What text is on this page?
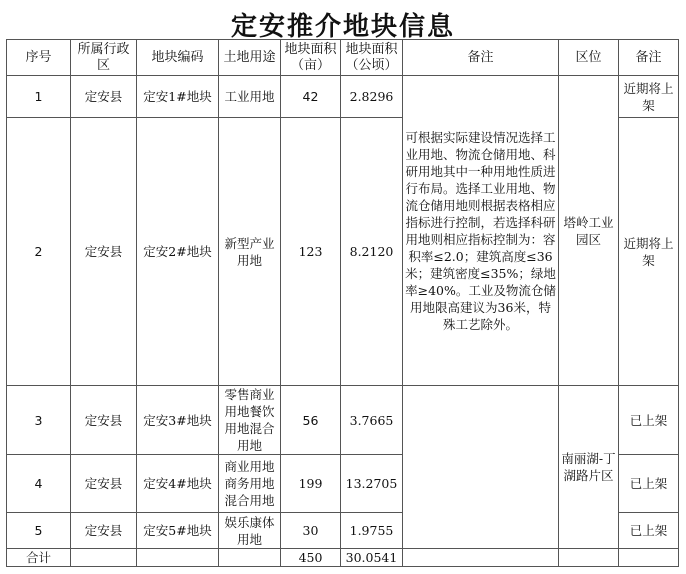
定安推介地块信息
序号	所属行政区	地块编码	土地用途	地块面积（亩）	地块面积（公顷）	备注	区位	备注
1	定安县	定安1#地块	工业用地	42	2.8296	可根据实际建设情况选择工业用地、物流仓储用地、科研用地其中一种用地性质进行布局。选择工业用地、物流仓储用地则根据表格相应指标进行控制，若选择科研用地则相应指标控制为：容积率≤2.0；建筑高度≤36米；建筑密度≤35%；绿地率≥40%。工业及物流仓储用地限高建议为36米，特殊工艺除外。	塔岭工业园区	近期将上架
2	定安县	定安2#地块	新型产业用地	123	8.2120			近期将上架
3	定安县	定安3#地块	零售商业用地餐饮用地混合用地	56	3.7665		南丽湖-丁湖路片区	已上架
4	定安县	定安4#地块	商业用地商务用地混合用地	199	13.2705			已上架
5	定安县	定安5#地块	娱乐康体用地	30	1.9755			已上架
合计				450	30.0541			
